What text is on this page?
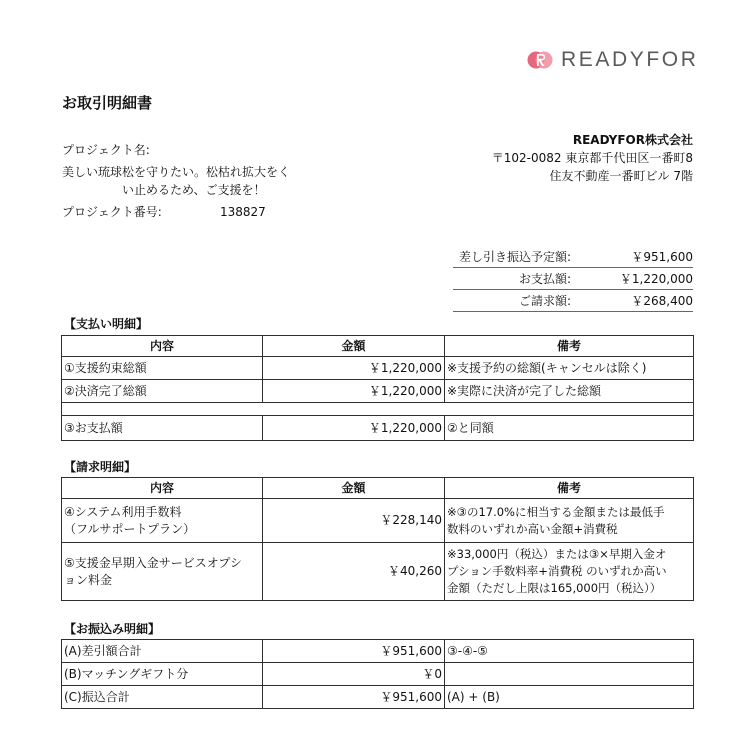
READYFOR
お取引明細書
プロジェクト名:
美しい琉球松を守りたい。松枯れ拡大をく
い止めるため、ご支援を！
プロジェクト番号:	138827
READYFOR株式会社
〒102-0082 東京都千代田区一番町8
住友不動産一番町ビル 7階
差し引き振込予定額:	￥951,600
お支払額:	￥1,220,000
ご請求額:	￥268,400
【支払い明細】
内容	金額	備考
①支援約束総額	￥1,220,000	※支援予約の総額(キャンセルは除く)
②決済完了総額	￥1,220,000	※実際に決済が完了した総額

③お支払額	￥1,220,000	②と同額
【請求明細】
内容	金額	備考

④システム利用手数料
（フルサポートプラン）	￥228,140	※③の17.0%に相当する金額または最低手
数料のいずれか高い金額+消費税

⑤支援金早期入金サービスオプシ
ョン料金	￥40,260	※33,000円（税込）または③×早期入金オ
プション手数料率+消費税 のいずれか高い
金額（ただし上限は165,000円（税込））
【お振込み明細】
(A)差引額合計	￥951,600	③-④-⑤
(B)マッチングギフト分	￥0	
(C)振込合計	￥951,600	(A) + (B)
